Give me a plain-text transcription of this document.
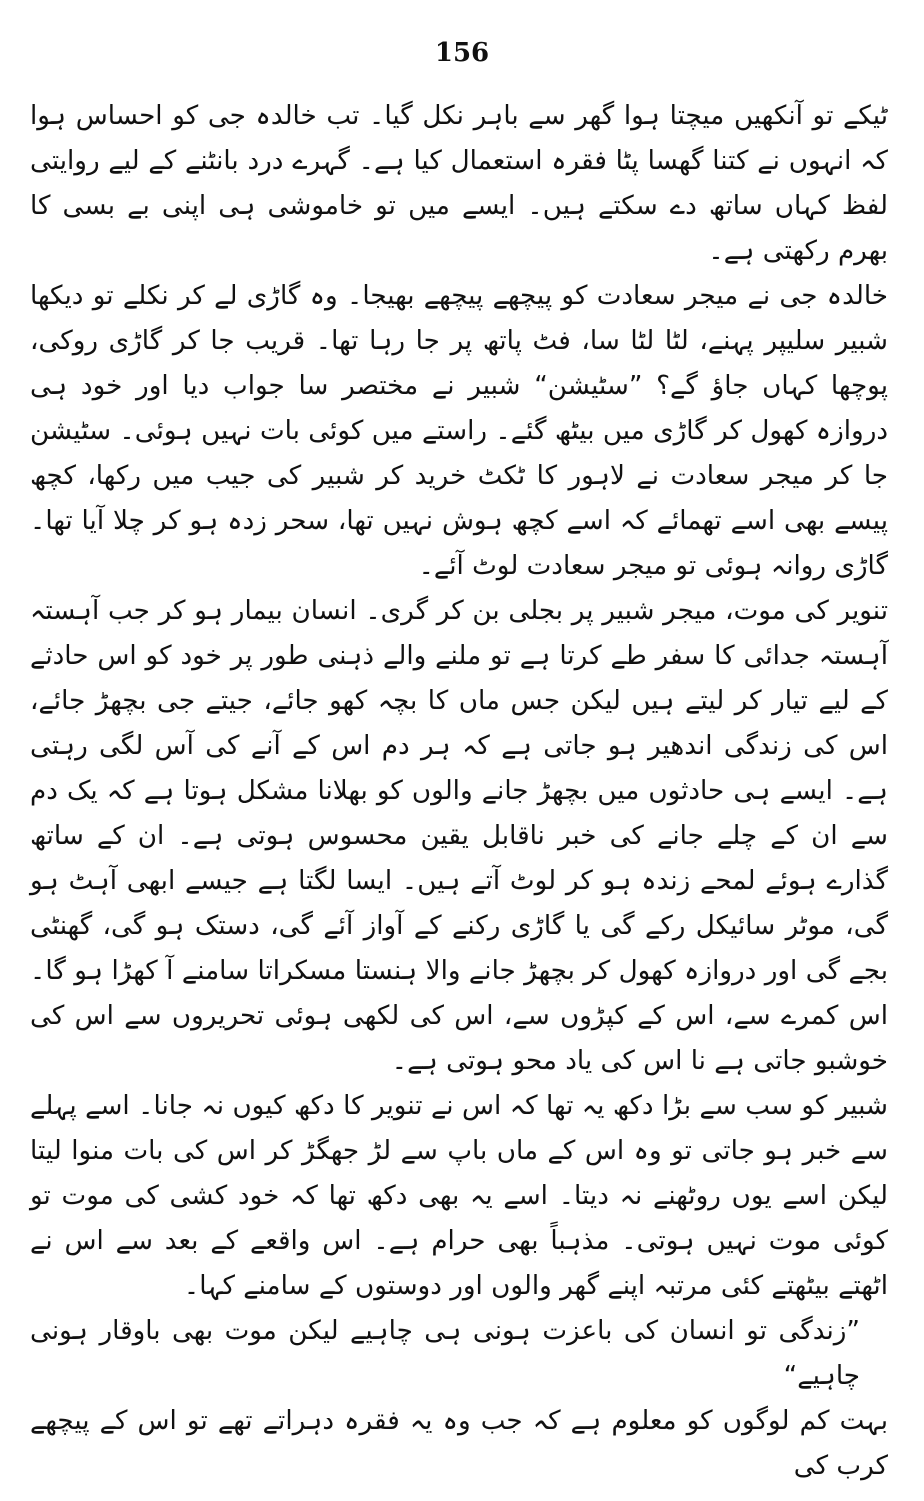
156

ٹیکے تو آنکھیں میچتا ہوا گھر سے باہر نکل گیا۔ تب خالدہ جی کو احساس ہوا کہ انہوں نے کتنا گھسا پٹا فقرہ استعمال کیا ہے۔ گہرے درد بانٹنے کے لیے روایتی لفظ کہاں ساتھ دے سکتے ہیں۔ ایسے میں تو خاموشی ہی اپنی بے بسی کا بھرم رکھتی ہے۔

خالدہ جی نے میجر سعادت کو پیچھے پیچھے بھیجا۔ وہ گاڑی لے کر نکلے تو دیکھا شبیر سلیپر پہنے، لٹا لٹا سا، فٹ پاتھ پر جا رہا تھا۔ قریب جا کر گاڑی روکی، پوچھا کہاں جاؤ گے؟ ”سٹیشن“ شبیر نے مختصر سا جواب دیا اور خود ہی دروازہ کھول کر گاڑی میں بیٹھ گئے۔ راستے میں کوئی بات نہیں ہوئی۔ سٹیشن جا کر میجر سعادت نے لاہور کا ٹکٹ خرید کر شبیر کی جیب میں رکھا، کچھ پیسے بھی اسے تھمائے کہ اسے کچھ ہوش نہیں تھا، سحر زدہ ہو کر چلا آیا تھا۔ گاڑی روانہ ہوئی تو میجر سعادت لوٹ آئے۔

تنویر کی موت، میجر شبیر پر بجلی بن کر گری۔ انسان بیمار ہو کر جب آہستہ آہستہ جدائی کا سفر طے کرتا ہے تو ملنے والے ذہنی طور پر خود کو اس حادثے کے لیے تیار کر لیتے ہیں لیکن جس ماں کا بچہ کھو جائے، جیتے جی بچھڑ جائے، اس کی زندگی اندھیر ہو جاتی ہے کہ ہر دم اس کے آنے کی آس لگی رہتی ہے۔ ایسے ہی حادثوں میں بچھڑ جانے والوں کو بھلانا مشکل ہوتا ہے کہ یک دم سے ان کے چلے جانے کی خبر ناقابل یقین محسوس ہوتی ہے۔ ان کے ساتھ گذارے ہوئے لمحے زندہ ہو کر لوٹ آتے ہیں۔ ایسا لگتا ہے جیسے ابھی آہٹ ہو گی، موٹر سائیکل رکے گی یا گاڑی رکنے کے آواز آئے گی، دستک ہو گی، گھنٹی بجے گی اور دروازہ کھول کر بچھڑ جانے والا ہنستا مسکراتا سامنے آ کھڑا ہو گا۔ اس کمرے سے، اس کے کپڑوں سے، اس کی لکھی ہوئی تحریروں سے اس کی خوشبو جاتی ہے نا اس کی یاد محو ہوتی ہے۔

شبیر کو سب سے بڑا دکھ یہ تھا کہ اس نے تنویر کا دکھ کیوں نہ جانا۔ اسے پہلے سے خبر ہو جاتی تو وہ اس کے ماں باپ سے لڑ جھگڑ کر اس کی بات منوا لیتا لیکن اسے یوں روٹھنے نہ دیتا۔ اسے یہ بھی دکھ تھا کہ خود کشی کی موت تو کوئی موت نہیں ہوتی۔ مذہباً بھی حرام ہے۔ اس واقعے کے بعد سے اس نے اٹھتے بیٹھتے کئی مرتبہ اپنے گھر والوں اور دوستوں کے سامنے کہا۔

”زندگی تو انسان کی باعزت ہونی ہی چاہیے لیکن موت بھی باوقار ہونی چاہیے“

بہت کم لوگوں کو معلوم ہے کہ جب وہ یہ فقرہ دہراتے تھے تو اس کے پیچھے کرب کی
